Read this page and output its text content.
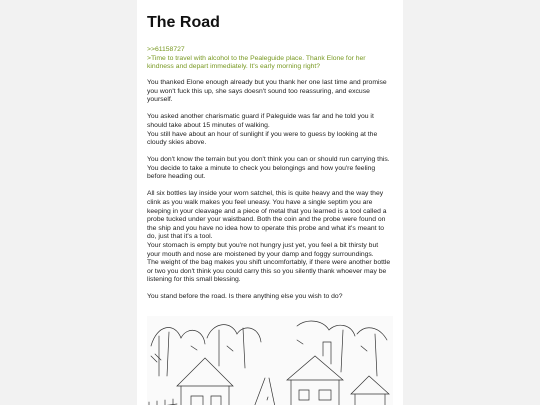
The Road
>>61158727
>Time to travel with alcohol to the Pealeguide place. Thank Elone for her kindness and depart immediately. It's early morning right?
You thanked Elone enough already but you thank her one last time and promise you won't fuck this up, she says doesn't sound too reassuring, and excuse yourself.
You asked another charismatic guard if Paleguide was far and he told you it should take about 15 minutes of walking.
You still have about an hour of sunlight if you were to guess by looking at the cloudy skies above.
You don't know the terrain but you don't think you can or should run carrying this. You decide to take a minute to check you belongings and how you're feeling before heading out.
All six bottles lay inside your worn satchel, this is quite heavy and the way they clink as you walk makes you feel uneasy. You have a single septim you are keeping in your cleavage and a piece of metal that you learned is a tool called a probe tucked under your waistband. Both the coin and the probe were found on the ship and you have no idea how to operate this probe and what it's meant to do, just that it's a tool.
Your stomach is empty but you're not hungry just yet, you feel a bit thirsty but your mouth and nose are moistened by your damp and foggy surroundings.
The weight of the bag makes you shift uncomfortably, if there were another bottle or two you don't think you could carry this so you silently thank whoever may be listening for this small blessing.
You stand before the road. Is there anything else you wish to do?
